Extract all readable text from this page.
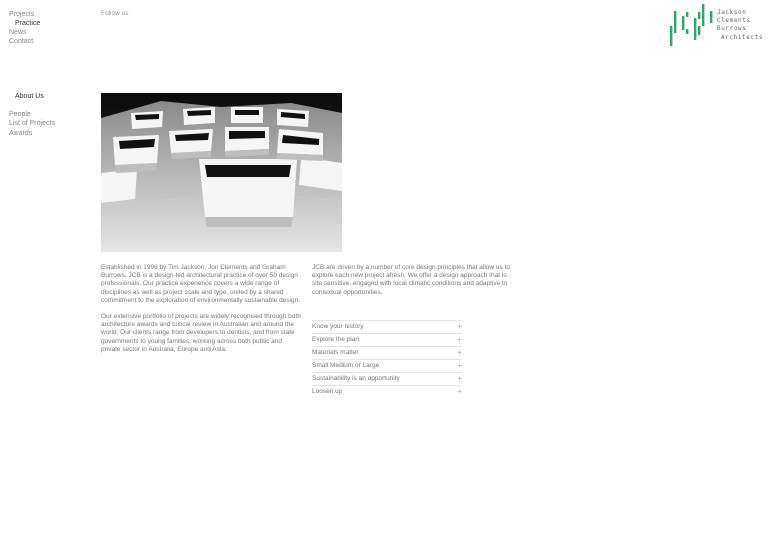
Projects
Practice
News
Contact
Follow us	Jackson
Clements
Burrows
Architects
About Us
People
List of Projects
Awards

Established in 1998 by Tim Jackson, Jon Clements and Graham Burrows, JCB is a design-led architectural practice of over 50 design professionals. Our practice experience covers a wide range of disciplines as well as project scale and type, united by a shared commitment to the exploration of environmentally sustainable design.

Our extensive portfolio of projects are widely recognised through both architecture awards and critical review in Australian and around the world. Our clients range from developers to dentists, and from state governments to young families, working across both public and private sector in Australia, Europe and Asia.

JCB are driven by a number of core design principles that allow us to explore each new project afresh. We offer a design approach that is site sensitive, engaged with local climatic conditions and adaptive to contextual opportunities.

Know your history	+
Explore the plan	+
Materials matter	+
Small Medium or Large	+
Sustainability is an opportunity	+
Loosen up	+
